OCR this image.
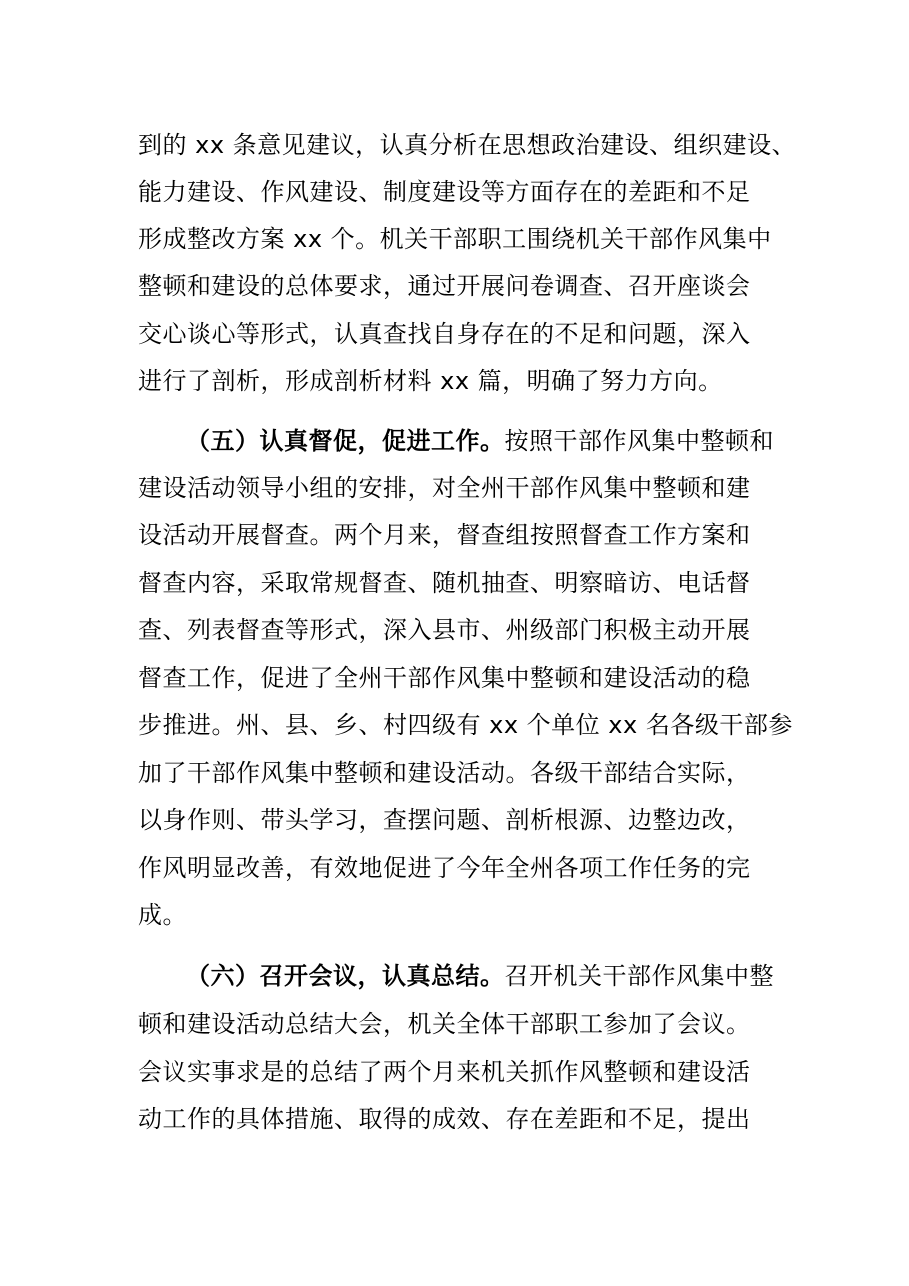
到的 xx 条意见建议，认真分析在思想政治建设、组织建设、
能力建设、作风建设、制度建设等方面存在的差距和不足
形成整改方案 xx 个。机关干部职工围绕机关干部作风集中
整顿和建设的总体要求，通过开展问卷调查、召开座谈会
交心谈心等形式，认真查找自身存在的不足和问题，深入
进行了剖析，形成剖析材料 xx 篇，明确了努力方向。
（五）认真督促，促进工作。按照干部作风集中整顿和
建设活动领导小组的安排，对全州干部作风集中整顿和建
设活动开展督查。两个月来，督查组按照督查工作方案和
督查内容，采取常规督查、随机抽查、明察暗访、电话督
查、列表督查等形式，深入县市、州级部门积极主动开展
督查工作，促进了全州干部作风集中整顿和建设活动的稳
步推进。州、县、乡、村四级有 xx 个单位 xx 名各级干部参
加了干部作风集中整顿和建设活动。各级干部结合实际，
以身作则、带头学习，查摆问题、剖析根源、边整边改，
作风明显改善，有效地促进了今年全州各项工作任务的完
成。
（六）召开会议，认真总结。召开机关干部作风集中整
顿和建设活动总结大会，机关全体干部职工参加了会议。
会议实事求是的总结了两个月来机关抓作风整顿和建设活
动工作的具体措施、取得的成效、存在差距和不足，提出
